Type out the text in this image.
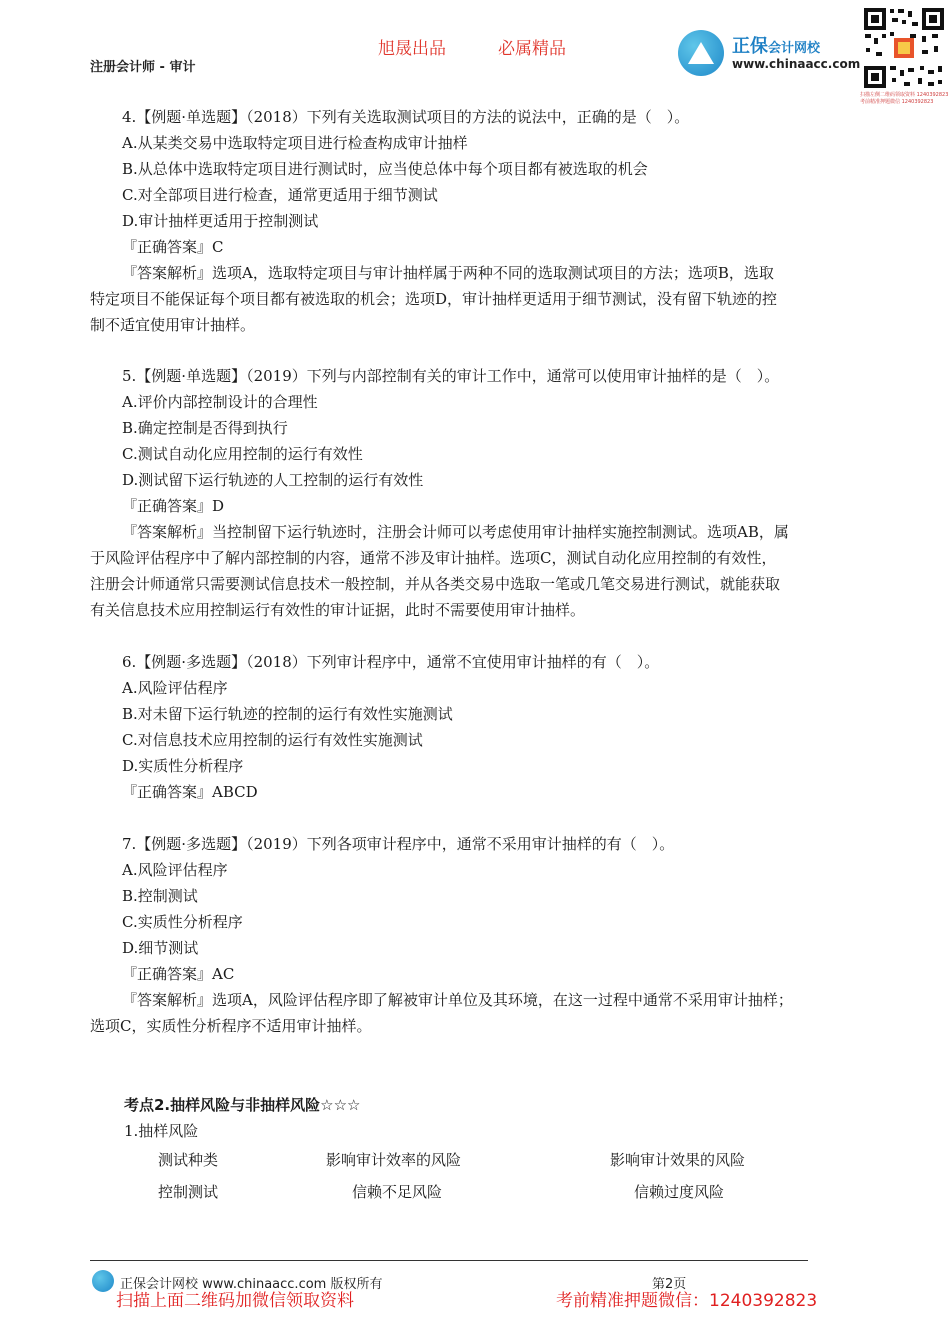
注册会计师 - 审计
旭晟出品	必属精品	正保会计网校
www.chinaacc.com
扫描左侧二维码领取资料 1240392823 考前精准押题微信 1240392823
4.【例题·单选题】（2018）下列有关选取测试项目的方法的说法中，正确的是（　）。
A.从某类交易中选取特定项目进行检查构成审计抽样
B.从总体中选取特定项目进行测试时，应当使总体中每个项目都有被选取的机会
C.对全部项目进行检查，通常更适用于细节测试
D.审计抽样更适用于控制测试
『正确答案』C
『答案解析』选项A，选取特定项目与审计抽样属于两种不同的选取测试项目的方法；选项B，选取
特定项目不能保证每个项目都有被选取的机会；选项D，审计抽样更适用于细节测试，没有留下轨迹的控
制不适宜使用审计抽样。
5.【例题·单选题】（2019）下列与内部控制有关的审计工作中，通常可以使用审计抽样的是（　）。
A.评价内部控制设计的合理性
B.确定控制是否得到执行
C.测试自动化应用控制的运行有效性
D.测试留下运行轨迹的人工控制的运行有效性
『正确答案』D
『答案解析』当控制留下运行轨迹时，注册会计师可以考虑使用审计抽样实施控制测试。选项AB，属
于风险评估程序中了解内部控制的内容，通常不涉及审计抽样。选项C，测试自动化应用控制的有效性，
注册会计师通常只需要测试信息技术一般控制，并从各类交易中选取一笔或几笔交易进行测试，就能获取
有关信息技术应用控制运行有效性的审计证据，此时不需要使用审计抽样。
6.【例题·多选题】（2018）下列审计程序中，通常不宜使用审计抽样的有（　）。
A.风险评估程序
B.对未留下运行轨迹的控制的运行有效性实施测试
C.对信息技术应用控制的运行有效性实施测试
D.实质性分析程序
『正确答案』ABCD
7.【例题·多选题】（2019）下列各项审计程序中，通常不采用审计抽样的有（　）。
A.风险评估程序
B.控制测试
C.实质性分析程序
D.细节测试
『正确答案』AC
『答案解析』选项A，风险评估程序即了解被审计单位及其环境，在这一过程中通常不采用审计抽样；
选项C，实质性分析程序不适用审计抽样。
考点2.抽样风险与非抽样风险☆☆☆
1.抽样风险
测试种类	影响审计效率的风险	影响审计效果的风险
控制测试	信赖不足风险	信赖过度风险
正保会计网校 www.chinaacc.com 版权所有	第2页
扫描上面二维码加微信领取资料	考前精准押题微信：1240392823
